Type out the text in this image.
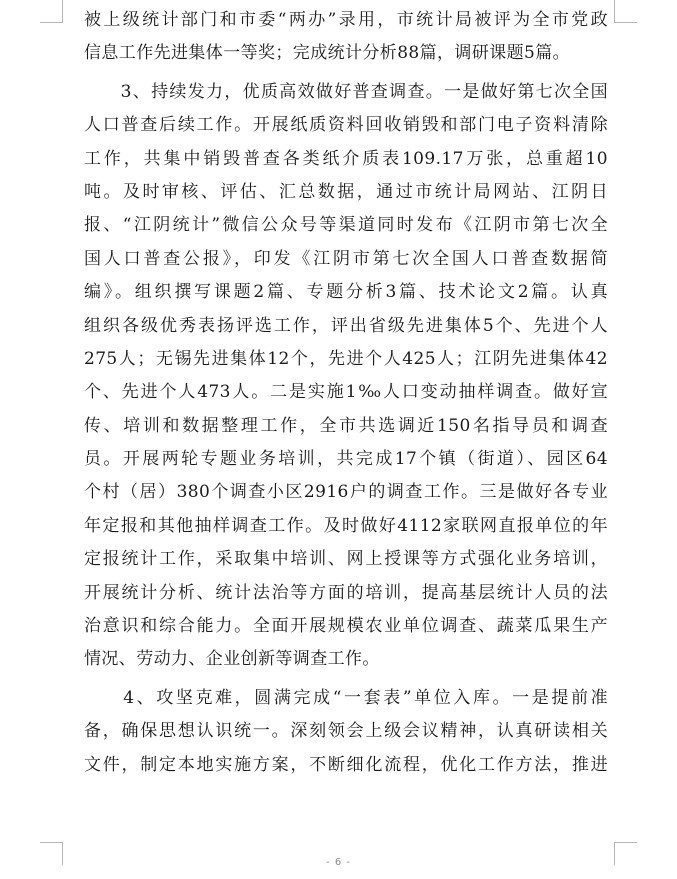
被上级统计部门和市委“两办”录用，市统计局被评为全市党政
信息工作先进集体一等奖；完成统计分析88篇，调研课题5篇。
　　3、持续发力，优质高效做好普查调查。一是做好第七次全国
人口普查后续工作。开展纸质资料回收销毁和部门电子资料清除
工作，共集中销毁普查各类纸介质表109.17万张，总重超10
吨。及时审核、评估、汇总数据，通过市统计局网站、江阴日
报、“江阴统计”微信公众号等渠道同时发布《江阴市第七次全
国人口普查公报》，印发《江阴市第七次全国人口普查数据简
编》。组织撰写课题2篇、专题分析3篇、技术论文2篇。认真
组织各级优秀表扬评选工作，评出省级先进集体5个、先进个人
275人；无锡先进集体12个，先进个人425人；江阴先进集体42
个、先进个人473人。二是实施1‰人口变动抽样调查。做好宣
传、培训和数据整理工作，全市共选调近150名指导员和调查
员。开展两轮专题业务培训，共完成17个镇（街道）、园区64
个村（居）380个调查小区2916户的调查工作。三是做好各专业
年定报和其他抽样调查工作。及时做好4112家联网直报单位的年
定报统计工作，采取集中培训、网上授课等方式强化业务培训，
开展统计分析、统计法治等方面的培训，提高基层统计人员的法
治意识和综合能力。全面开展规模农业单位调查、蔬菜瓜果生产
情况、劳动力、企业创新等调查工作。
　　4、攻坚克难，圆满完成“一套表”单位入库。一是提前准
备，确保思想认识统一。深刻领会上级会议精神，认真研读相关
文件，制定本地实施方案，不断细化流程，优化工作方法，推进
- 6 -
